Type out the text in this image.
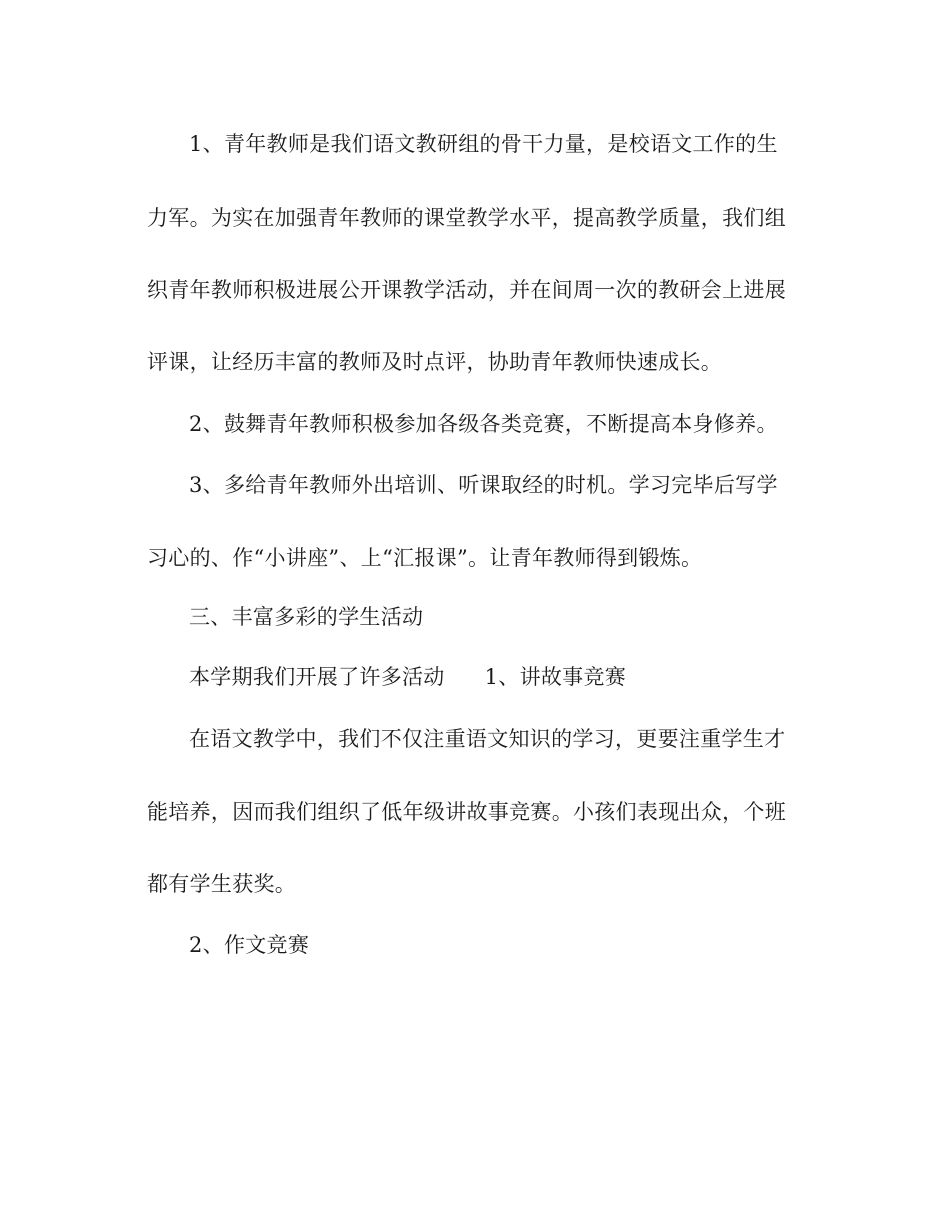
1、青年教师是我们语文教研组的骨干力量，是校语文工作的生
力军。为实在加强青年教师的课堂教学水平，提高教学质量，我们组
织青年教师积极进展公开课教学活动，并在间周一次的教研会上进展
评课，让经历丰富的教师及时点评，协助青年教师快速成长。
2、鼓舞青年教师积极参加各级各类竞赛，不断提高本身修养。
3、多给青年教师外出培训、听课取经的时机。学习完毕后写学
习心的、作“小讲座”、上“汇报课”。让青年教师得到锻炼。
三、丰富多彩的学生活动
本学期我们开展了许多活动 1、讲故事竞赛
在语文教学中，我们不仅注重语文知识的学习，更要注重学生才
能培养，因而我们组织了低年级讲故事竞赛。小孩们表现出众，个班
都有学生获奖。
2、作文竞赛
